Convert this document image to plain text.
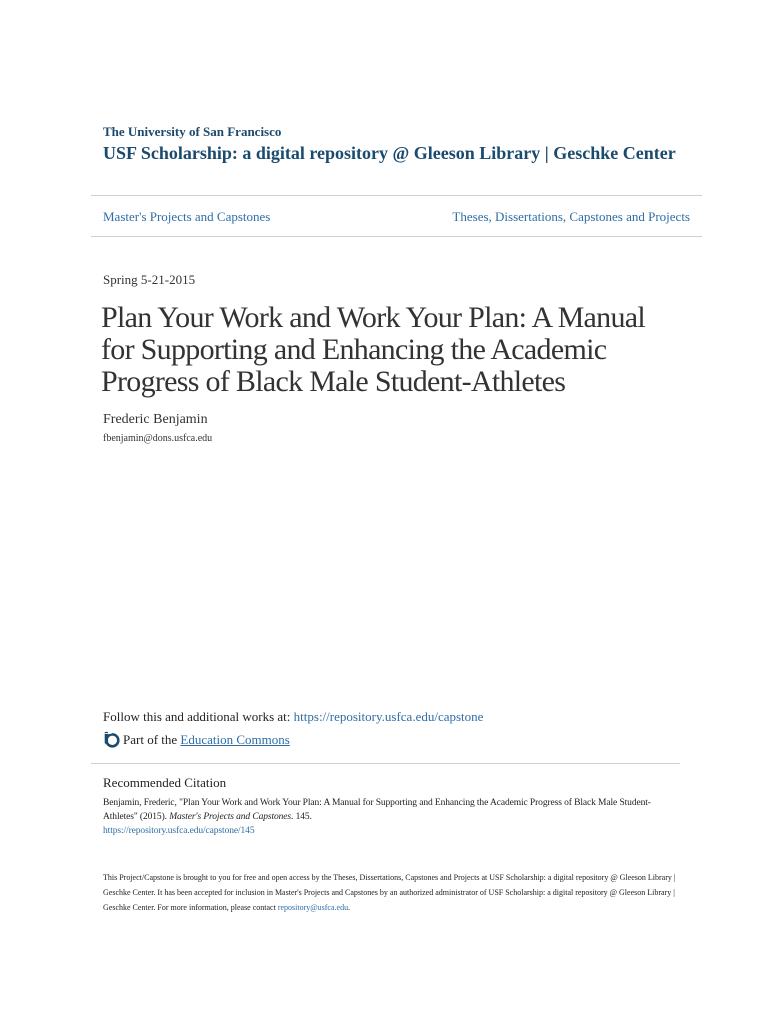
The University of San Francisco
USF Scholarship: a digital repository @ Gleeson Library | Geschke Center
Master's Projects and Capstones	Theses, Dissertations, Capstones and Projects
Spring 5-21-2015
Plan Your Work and Work Your Plan: A Manual for Supporting and Enhancing the Academic Progress of Black Male Student-Athletes
Frederic Benjamin
fbenjamin@dons.usfca.edu
Follow this and additional works at: https://repository.usfca.edu/capstone
Part of the
Education Commons
Recommended Citation
Benjamin, Frederic, "Plan Your Work and Work Your Plan: A Manual for Supporting and Enhancing the Academic Progress of Black Male Student-Athletes" (2015). Master's Projects and Capstones. 145.
https://repository.usfca.edu/capstone/145
This Project/Capstone is brought to you for free and open access by the Theses, Dissertations, Capstones and Projects at USF Scholarship: a digital repository @ Gleeson Library | Geschke Center. It has been accepted for inclusion in Master's Projects and Capstones by an authorized administrator of USF Scholarship: a digital repository @ Gleeson Library | Geschke Center. For more information, please contact repository@usfca.edu.
